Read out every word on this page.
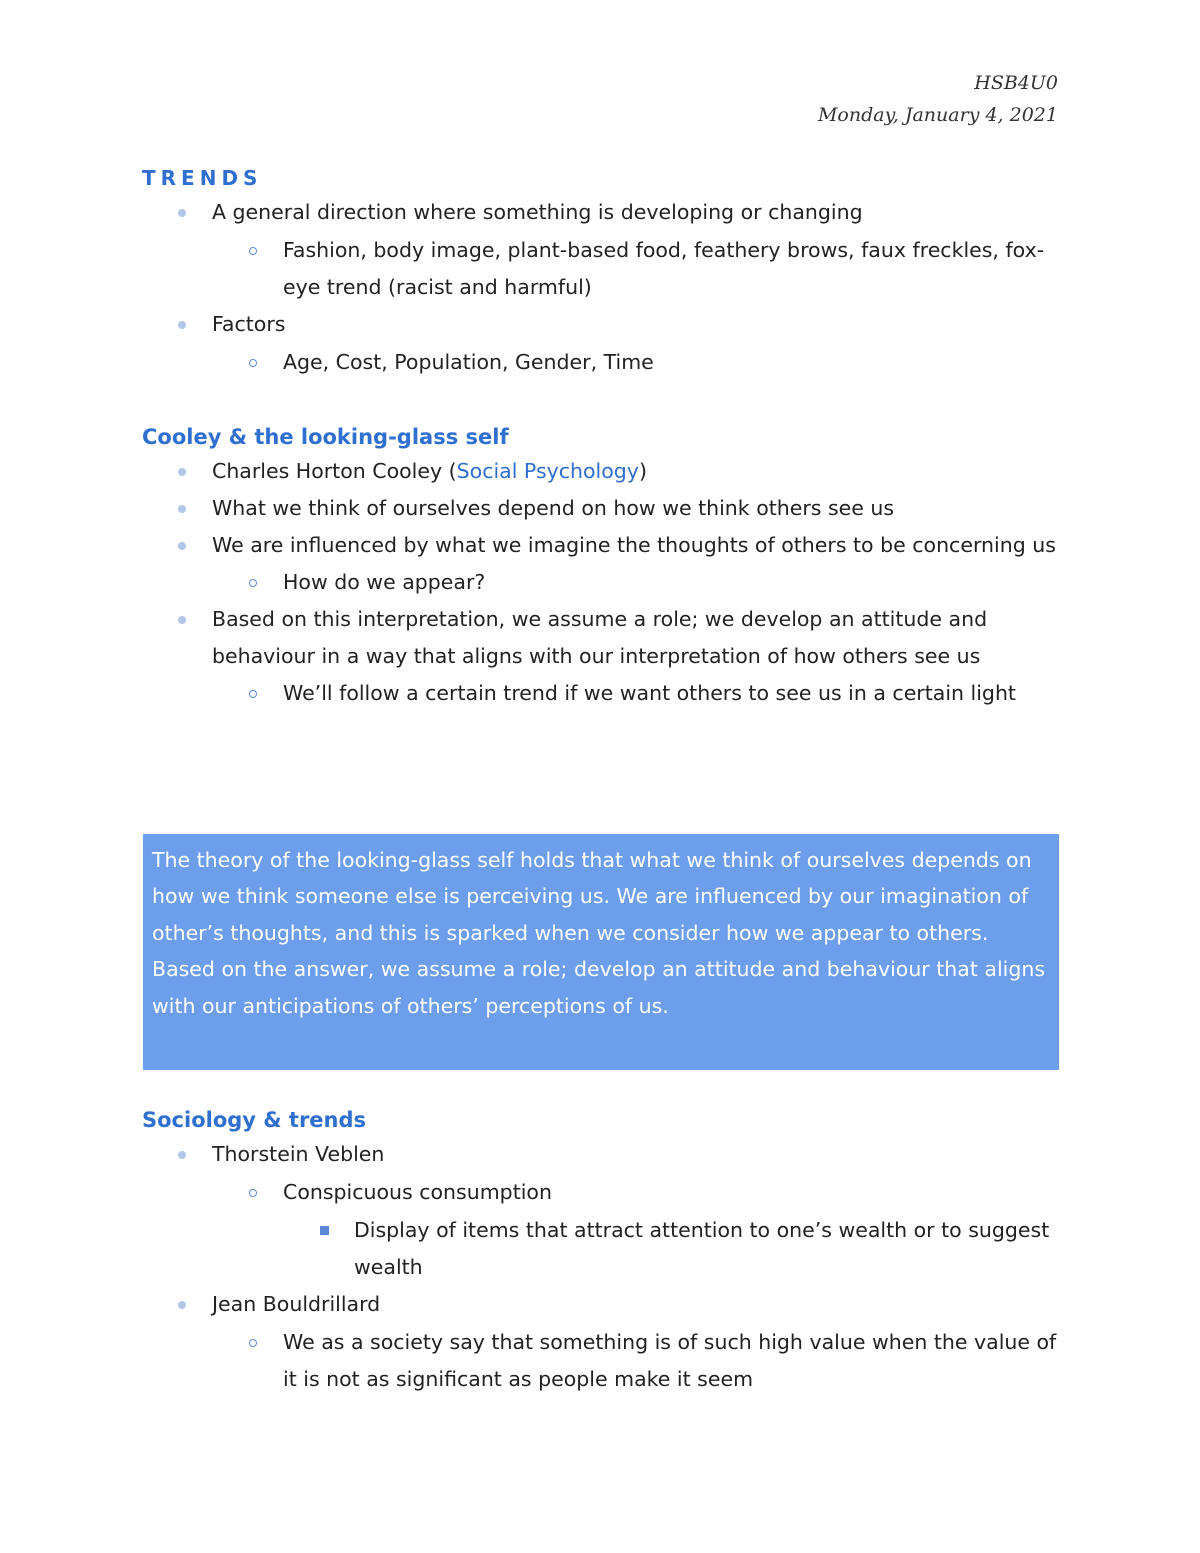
HSB4U0
Monday, January 4, 2021
TRENDS
A general direction where something is developing or changing
Fashion, body image, plant-based food, feathery brows, faux freckles, fox-eye trend (racist and harmful)
Factors
Age, Cost, Population, Gender, Time
Cooley & the looking-glass self
Charles Horton Cooley (Social Psychology)
What we think of ourselves depend on how we think others see us
We are influenced by what we imagine the thoughts of others to be concerning us
How do we appear?
Based on this interpretation, we assume a role; we develop an attitude and behaviour in a way that aligns with our interpretation of how others see us
We’ll follow a certain trend if we want others to see us in a certain light

The theory of the looking-glass self holds that what we think of ourselves depends on how we think someone else is perceiving us. We are influenced by our imagination of other’s thoughts, and this is sparked when we consider how we appear to others. Based on the answer, we assume a role; develop an attitude and behaviour that aligns with our anticipations of others’ perceptions of us.

Sociology & trends
Thorstein Veblen
Conspicuous consumption
Display of items that attract attention to one’s wealth or to suggest wealth
Jean Bouldrillard
We as a society say that something is of such high value when the value of it is not as significant as people make it seem
